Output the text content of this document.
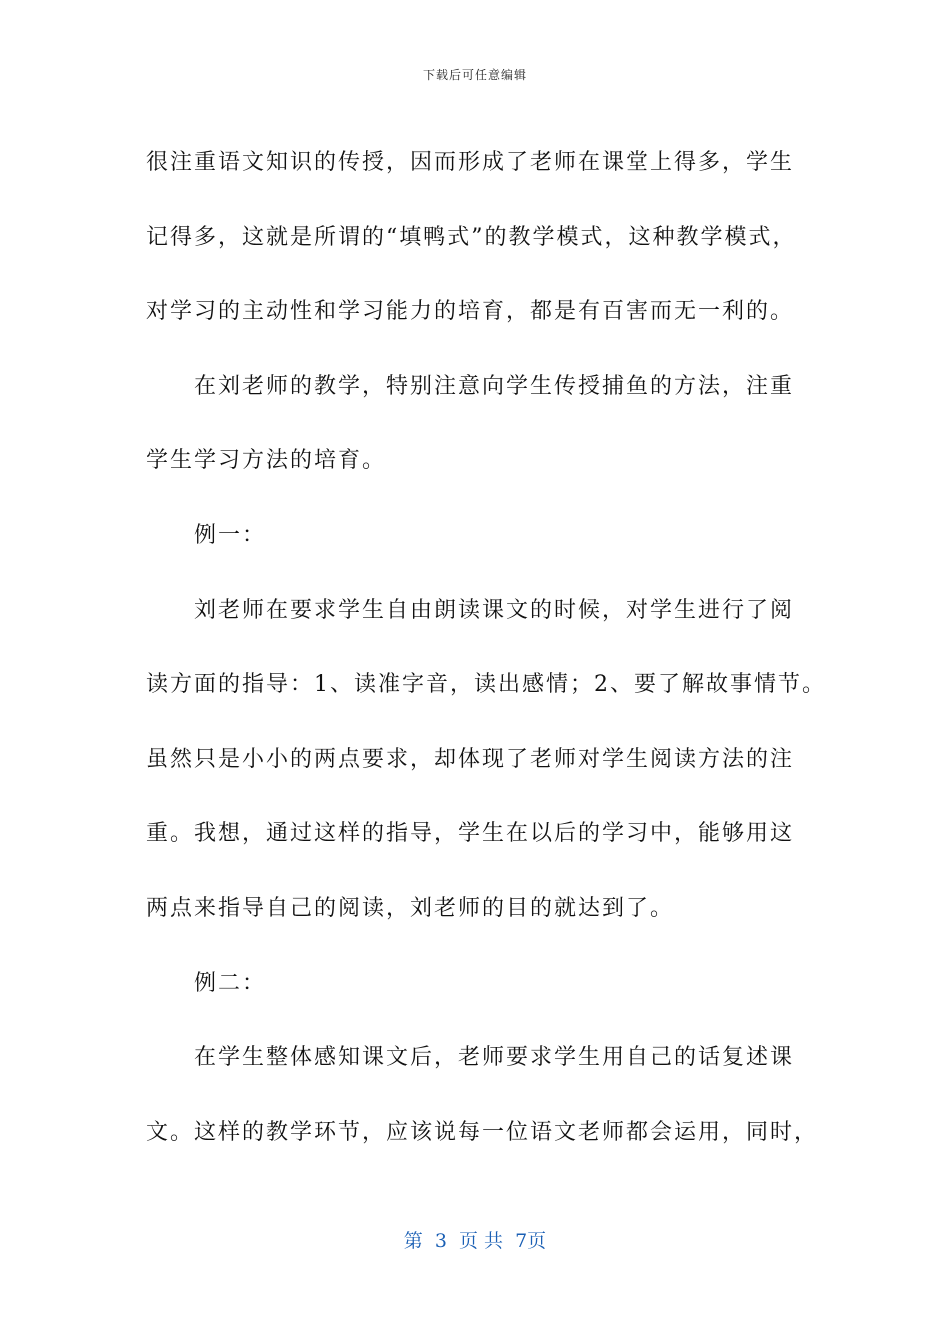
下载后可任意编辑
很注重语文知识的传授，因而形成了老师在课堂上得多，学生
记得多，这就是所谓的“填鸭式”的教学模式，这种教学模式，
对学习的主动性和学习能力的培育，都是有百害而无一利的。
在刘老师的教学，特别注意向学生传授捕鱼的方法，注重
学生学习方法的培育。
例一：
刘老师在要求学生自由朗读课文的时候，对学生进行了阅
读方面的指导：1、读准字音，读出感情；2、要了解故事情节。
虽然只是小小的两点要求，却体现了老师对学生阅读方法的注
重。我想，通过这样的指导，学生在以后的学习中，能够用这
两点来指导自己的阅读，刘老师的目的就达到了。
例二：
在学生整体感知课文后，老师要求学生用自己的话复述课
文。这样的教学环节，应该说每一位语文老师都会运用，同时，
第 3 页 共 7页
